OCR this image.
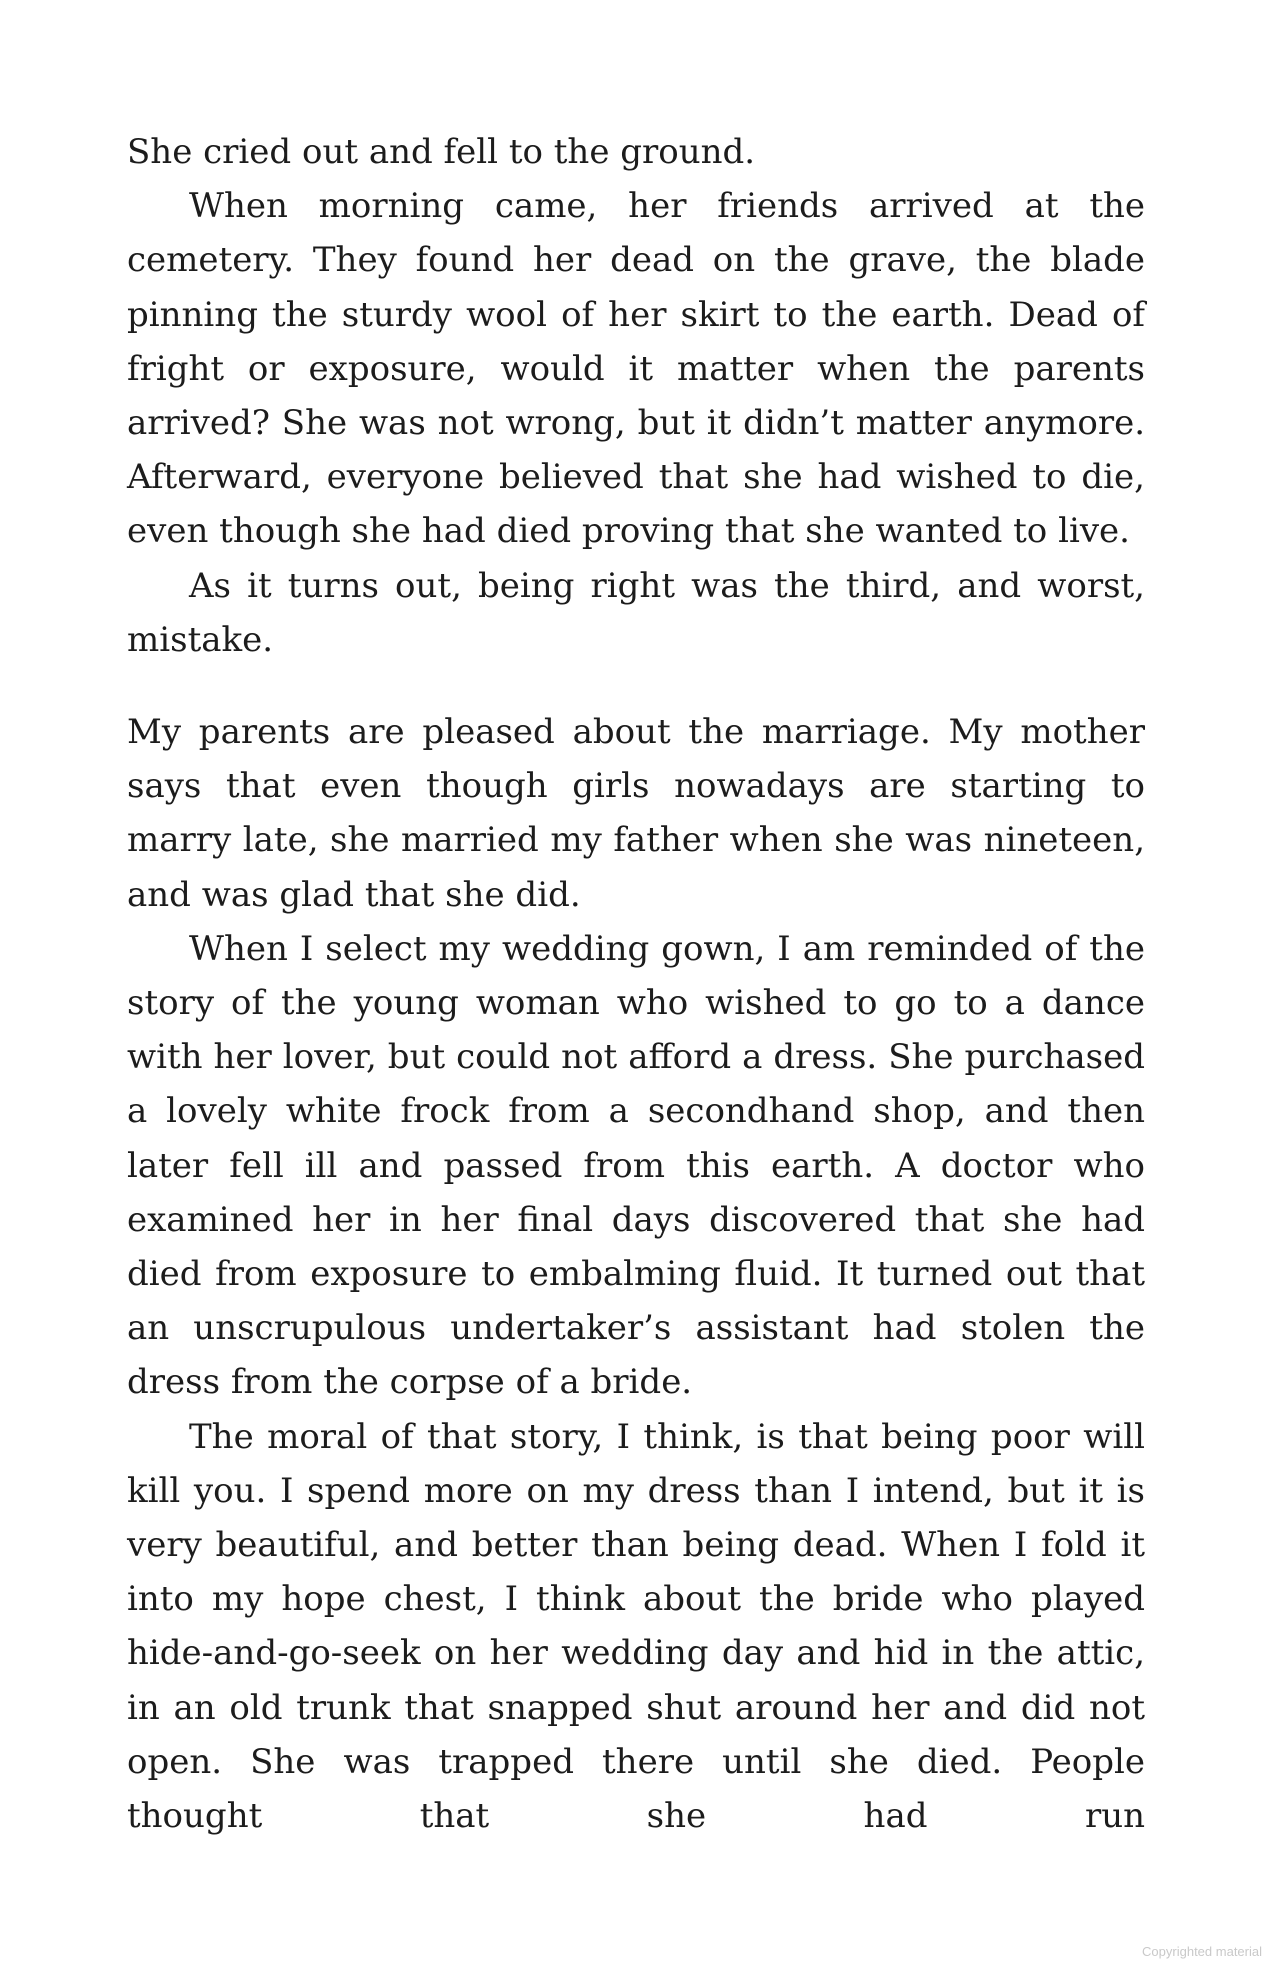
She cried out and fell to the ground.

When morning came, her friends arrived at the cemetery. They found her dead on the grave, the blade pinning the sturdy wool of her skirt to the earth. Dead of fright or exposure, would it matter when the parents arrived? She was not wrong, but it didn’t matter anymore. Afterward, everyone believed that she had wished to die, even though she had died proving that she wanted to live.

As it turns out, being right was the third, and worst, mistake.

My parents are pleased about the marriage. My mother says that even though girls nowadays are starting to marry late, she married my father when she was nineteen, and was glad that she did.

When I select my wedding gown, I am reminded of the story of the young woman who wished to go to a dance with her lover, but could not afford a dress. She purchased a lovely white frock from a secondhand shop, and then later fell ill and passed from this earth. A doctor who examined her in her final days discovered that she had died from exposure to embalming fluid. It turned out that an unscrupulous undertaker’s assistant had stolen the dress from the corpse of a bride.

The moral of that story, I think, is that being poor will kill you. I spend more on my dress than I intend, but it is very beautiful, and better than being dead. When I fold it into my hope chest, I think about the bride who played hide-and-go-seek on her wedding day and hid in the attic, in an old trunk that snapped shut around her and did not open. She was trapped there until she died. People thought that she had run

Copyrighted material
